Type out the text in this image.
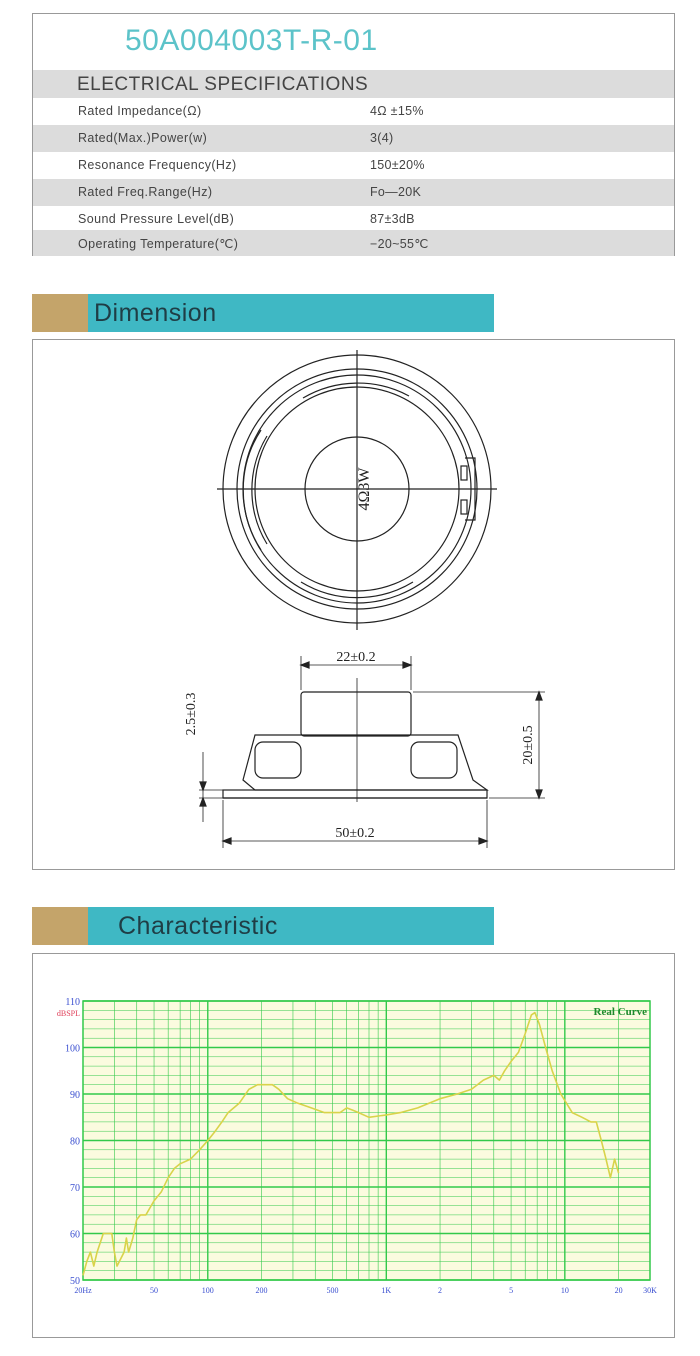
50A004003T-R-01
ELECTRICAL SPECIFICATIONS
Rated Impedance(Ω)	4Ω ±15%
Rated(Max.)Power(w)	3(4)
Resonance Frequency(Hz)	150±20%
Rated Freq.Range(Hz)	Fo—20K
Sound Pressure Level(dB)	87±3dB
Operating Temperature(℃)	−20~55℃
Dimension
4Ω3W
22±0.2
2.5±0.3
20±0.5
50±0.2
Characteristic
50
60
70
80
90
100
110
dBSPL
20Hz	50	100	200	500	1K	2	5	10	20	30K
Real Curve
